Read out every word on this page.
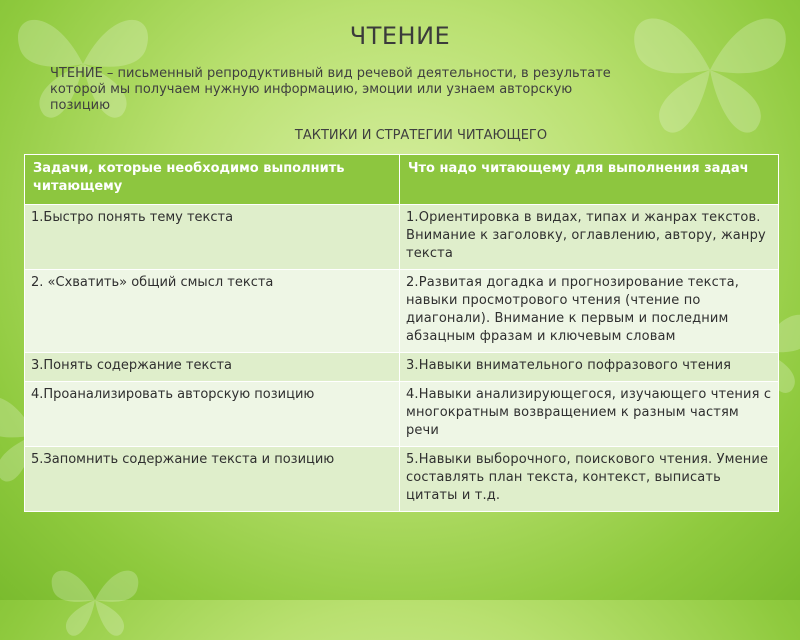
ЧТЕНИЕ

ЧТЕНИЕ – письменный репродуктивный вид речевой деятельности, в результате которой мы получаем нужную информацию, эмоции или узнаем авторскую позицию

ТАКТИКИ И СТРАТЕГИИ ЧИТАЮЩЕГО
Задачи, которые необходимо выполнить читающему	Что надо читающему для выполнения задач
1.Быстро понять тему текста	1.Ориентировка в видах, типах и жанрах текстов. Внимание к заголовку, оглавлению, автору, жанру текста
2. «Схватить» общий смысл текста	2.Развитая догадка и прогнозирование текста, навыки просмотрового чтения (чтение по диагонали). Внимание к первым и последним абзацным фразам и ключевым словам
3.Понять содержание текста	3.Навыки внимательного пофразового чтения
4.Проанализировать авторскую позицию	4.Навыки анализирующегося, изучающего чтения с многократным возвращением к разным частям речи
5.Запомнить содержание текста и позицию	5.Навыки выборочного, поискового чтения. Умение составлять план текста, контекст, выписать цитаты и т.д.
